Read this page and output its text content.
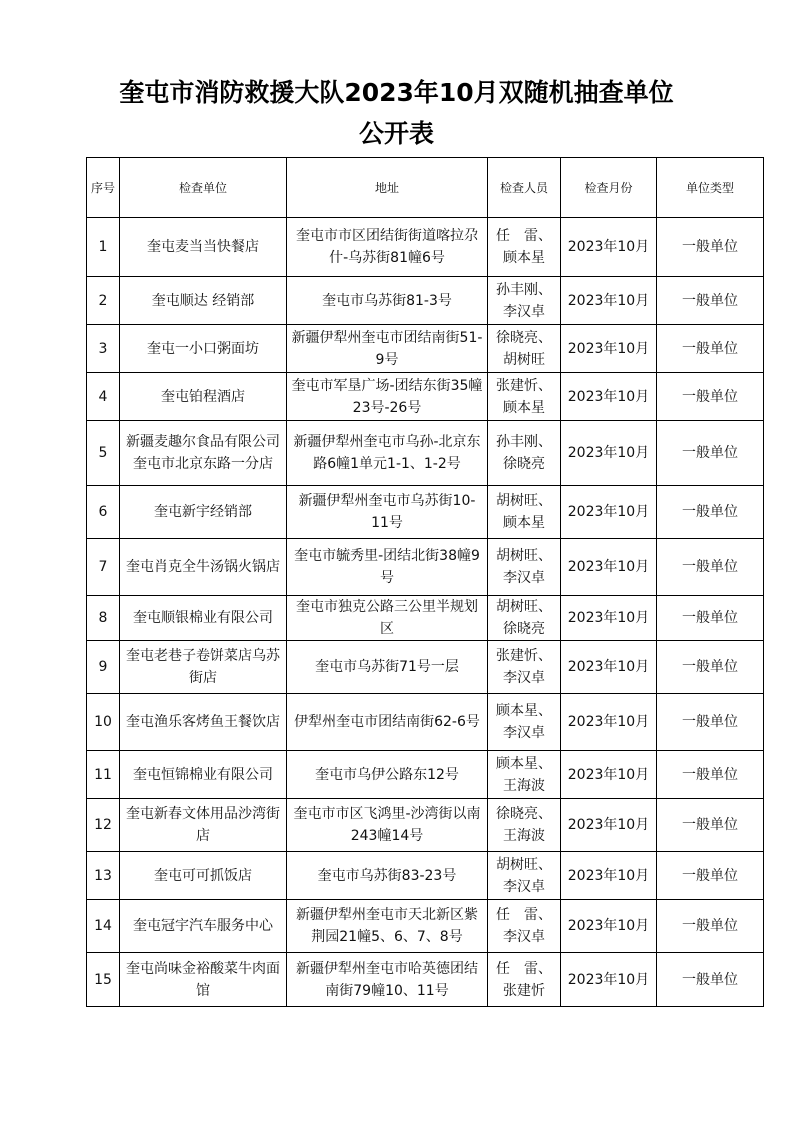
奎屯市消防救援大队2023年10月双随机抽查单位
公开表
序号	检查单位	地址	检查人员	检查月份	单位类型
1	奎屯麦当当快餐店	奎屯市市区团结街街道喀拉尕什-乌苏街81幢6号	任　雷、顾本星	2023年10月	一般单位
2	奎屯顺达 经销部	奎屯市乌苏街81-3号	孙丰刚、李汉卓	2023年10月	一般单位
3	奎屯一小口粥面坊	新疆伊犁州奎屯市团结南街51-9号	徐晓亮、胡树旺	2023年10月	一般单位
4	奎屯铂程酒店	奎屯市军垦广场-团结东街35幢23号-26号	张建忻、顾本星	2023年10月	一般单位
5	新疆麦趣尔食品有限公司奎屯市北京东路一分店	新疆伊犁州奎屯市乌孙-北京东路6幢1单元1-1、1-2号	孙丰刚、徐晓亮	2023年10月	一般单位
6	奎屯新宇经销部	新疆伊犁州奎屯市乌苏街10-11号	胡树旺、顾本星	2023年10月	一般单位
7	奎屯肖克全牛汤锅火锅店	奎屯市毓秀里-团结北街38幢9号	胡树旺、李汉卓	2023年10月	一般单位
8	奎屯顺银棉业有限公司	奎屯市独克公路三公里半规划区	胡树旺、徐晓亮	2023年10月	一般单位
9	奎屯老巷子卷饼菜店乌苏街店	奎屯市乌苏街71号一层	张建忻、李汉卓	2023年10月	一般单位
10	奎屯渔乐客烤鱼王餐饮店	伊犁州奎屯市团结南街62-6号	顾本星、李汉卓	2023年10月	一般单位
11	奎屯恒锦棉业有限公司	奎屯市乌伊公路东12号	顾本星、王海波	2023年10月	一般单位
12	奎屯新春文体用品沙湾街店	奎屯市市区飞鸿里-沙湾街以南243幢14号	徐晓亮、王海波	2023年10月	一般单位
13	奎屯可可抓饭店	奎屯市乌苏街83-23号	胡树旺、李汉卓	2023年10月	一般单位
14	奎屯冠宇汽车服务中心	新疆伊犁州奎屯市天北新区紫荆园21幢5、6、7、8号	任　雷、李汉卓	2023年10月	一般单位
15	奎屯尚味金裕酸菜牛肉面馆	新疆伊犁州奎屯市哈英德团结南街79幢10、11号	任　雷、张建忻	2023年10月	一般单位
